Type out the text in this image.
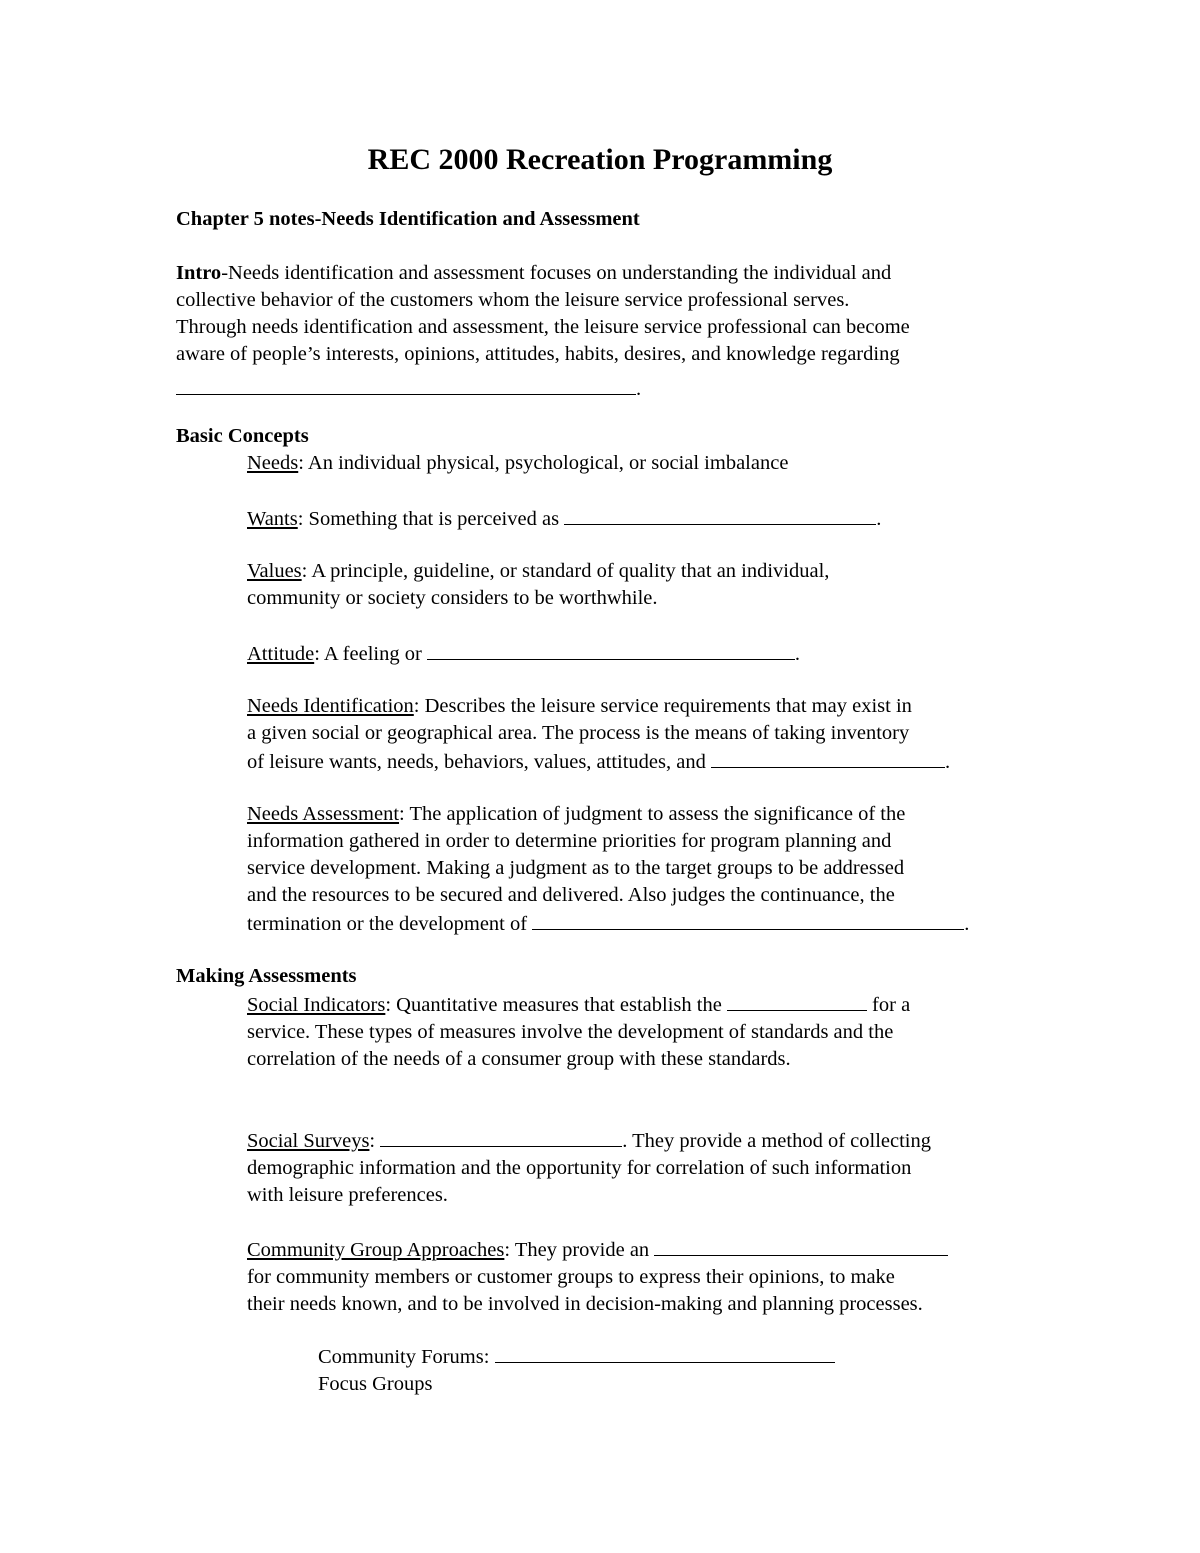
REC 2000 Recreation Programming

Chapter 5 notes-Needs Identification and Assessment

Intro-Needs identification and assessment focuses on understanding the individual and
collective behavior of the customers whom the leisure service professional serves.
Through needs identification and assessment, the leisure service professional can become
aware of people’s interests, opinions, attitudes, habits, desires, and knowledge regarding
.

Basic Concepts

Needs: An individual physical, psychological, or social imbalance

Wants: Something that is perceived as	.

Values: A principle, guideline, or standard of quality that an individual,
community or society considers to be worthwhile.

Attitude: A feeling or	.

Needs Identification: Describes the leisure service requirements that may exist in
a given social or geographical area. The process is the means of taking inventory
of leisure wants, needs, behaviors, values, attitudes, and	.
Needs Assessment: The application of judgment to assess the significance of the
information gathered in order to determine priorities for program planning and
service development. Making a judgment as to the target groups to be addressed
and the resources to be secured and delivered. Also judges the continuance, the
termination or the development of	.

Making Assessments

Social Indicators: Quantitative measures that establish the	for a
service. These types of measures involve the development of standards and the
correlation of the needs of a consumer group with these standards.
Social Surveys:	. They provide a method of collecting
demographic information and the opportunity for correlation of such information
with leisure preferences.
Community Group Approaches: They provide an
for community members or customer groups to express their opinions, to make
their needs known, and to be involved in decision-making and planning processes.
Community Forums:
Focus Groups
